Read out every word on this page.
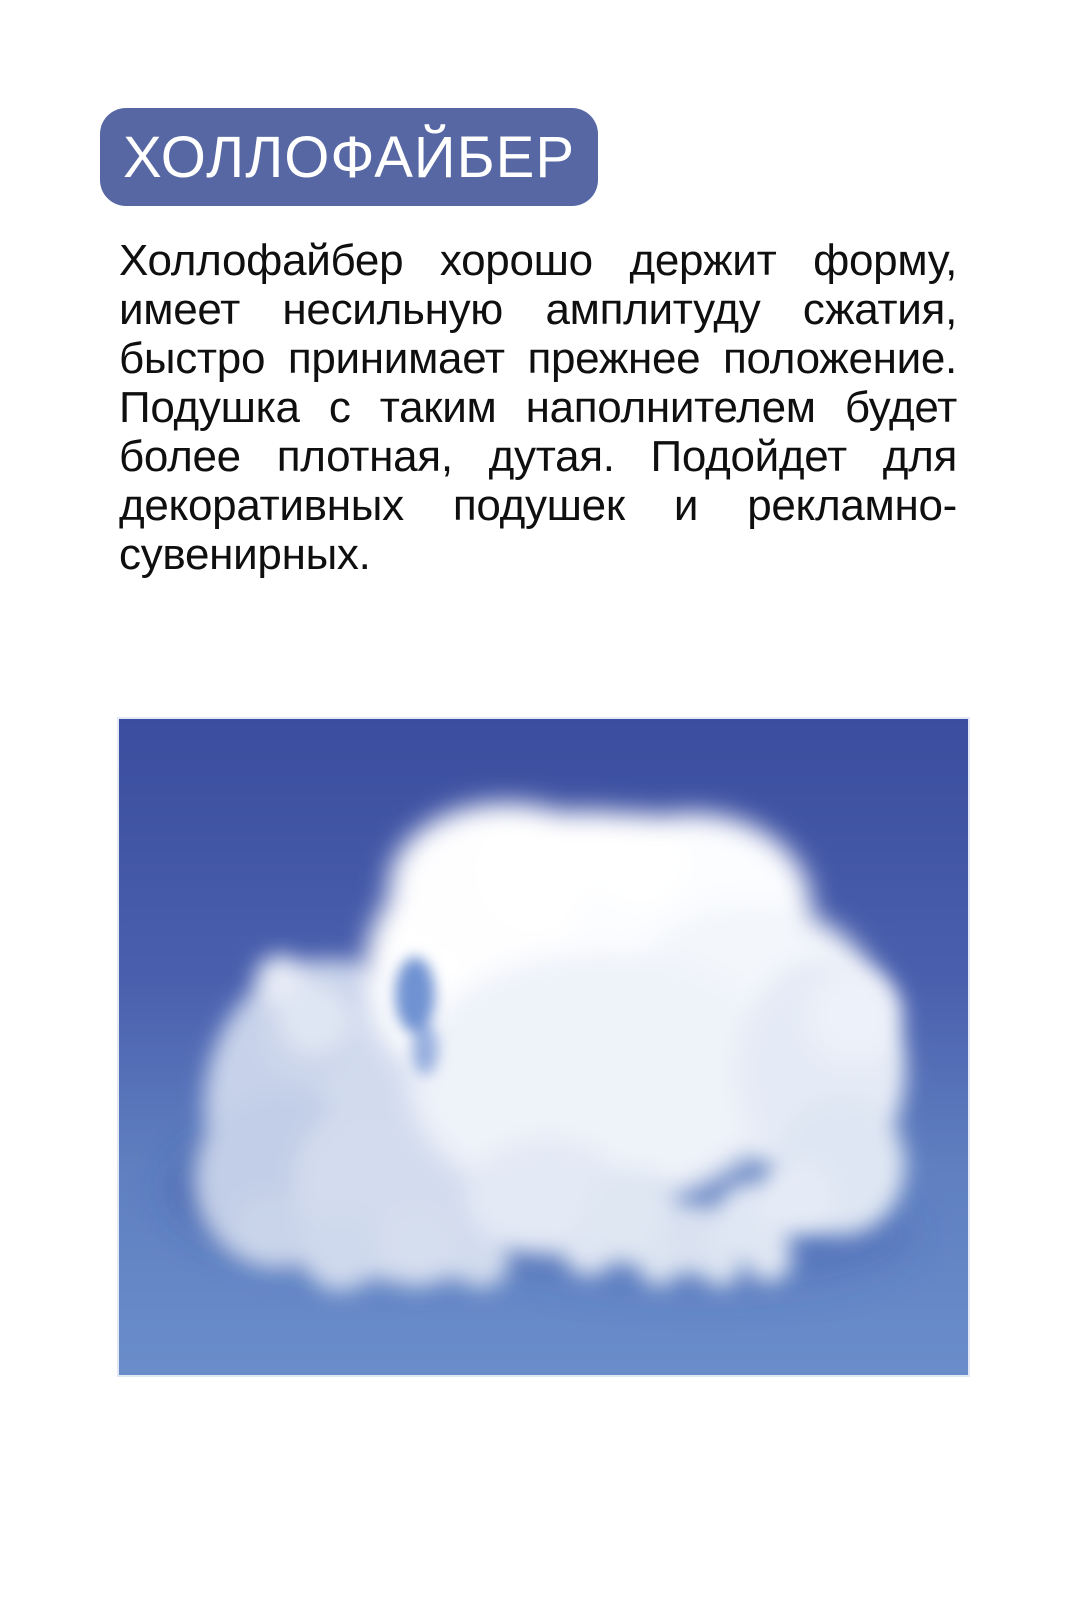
ХОЛЛОФАЙБЕР
Холлофайбер хорошо держит форму,
имеет несильную амплитуду сжатия,
быстро принимает прежнее положение.
Подушка с таким наполнителем будет
более плотная, дутая. Подойдет для
декоративных подушек и рекламно-
сувенирных.
